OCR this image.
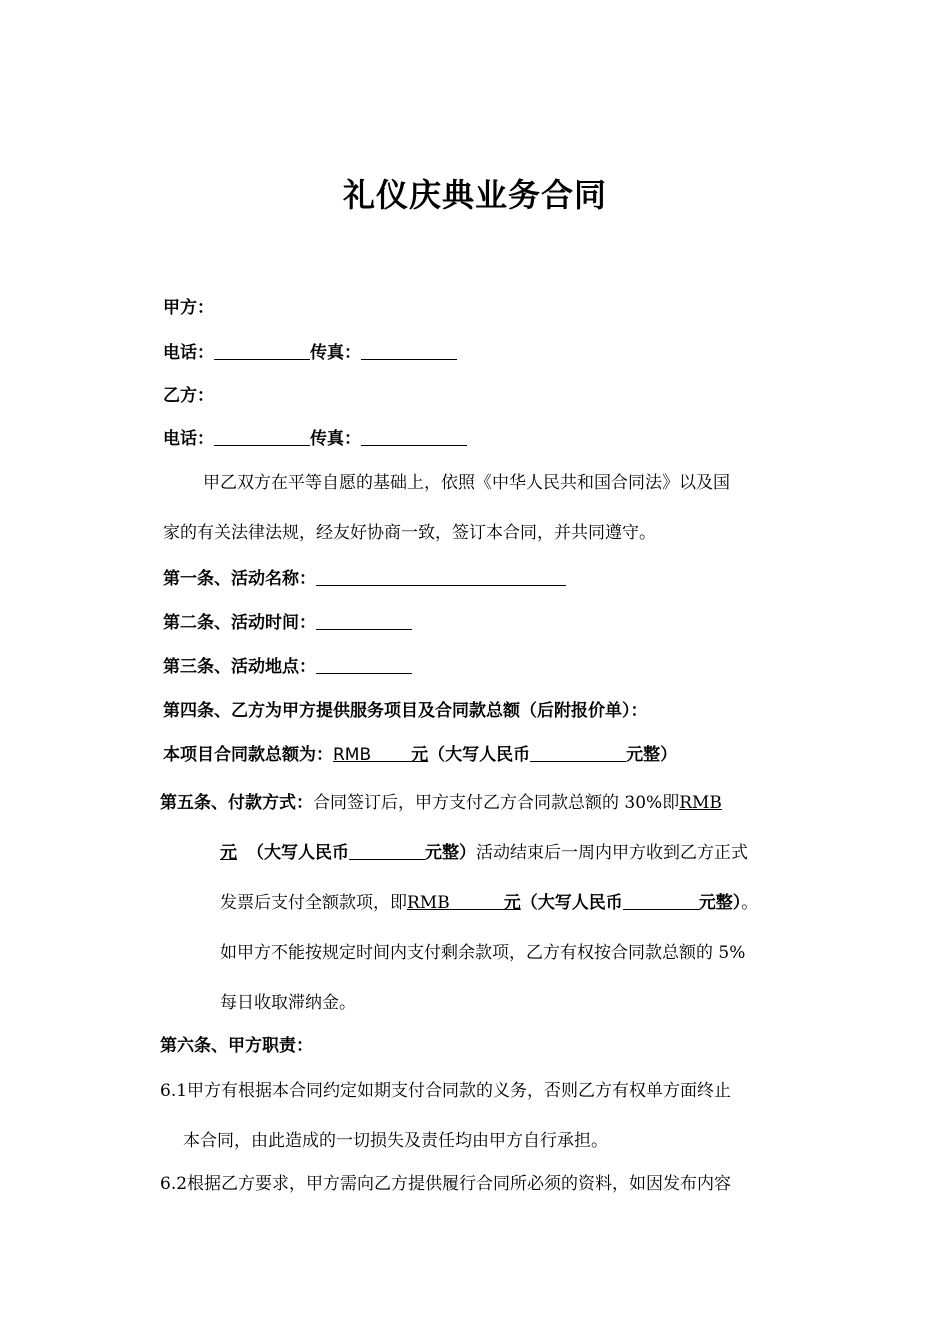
礼仪庆典业务合同
甲方：
电话：	传真：
乙方：
电话：	传真：
甲乙双方在平等自愿的基础上，依照《中华人民共和国合同法》以及国
家的有关法律法规，经友好协商一致，签订本合同，并共同遵守。
第一条、活动名称：
第二条、活动时间：
第三条、活动地点：
第四条、乙方为甲方提供服务项目及合同款总额（后附报价单）：
本项目合同款总额为：RMB 元（大写人民币	元整）
第五条、付款方式：合同签订后，甲方支付乙方合同款总额的 30%即RMB
元 （大写人民币	元整）活动结束后一周内甲方收到乙方正式
发票后支付全额款项，即RMB	元（大写人民币	元整）。
如甲方不能按规定时间内支付剩余款项，乙方有权按合同款总额的 5%
每日收取滞纳金。
第六条、甲方职责：
6.1甲方有根据本合同约定如期支付合同款的义务，否则乙方有权单方面终止
本合同，由此造成的一切损失及责任均由甲方自行承担。
6.2根据乙方要求，甲方需向乙方提供履行合同所必须的资料，如因发布内容
